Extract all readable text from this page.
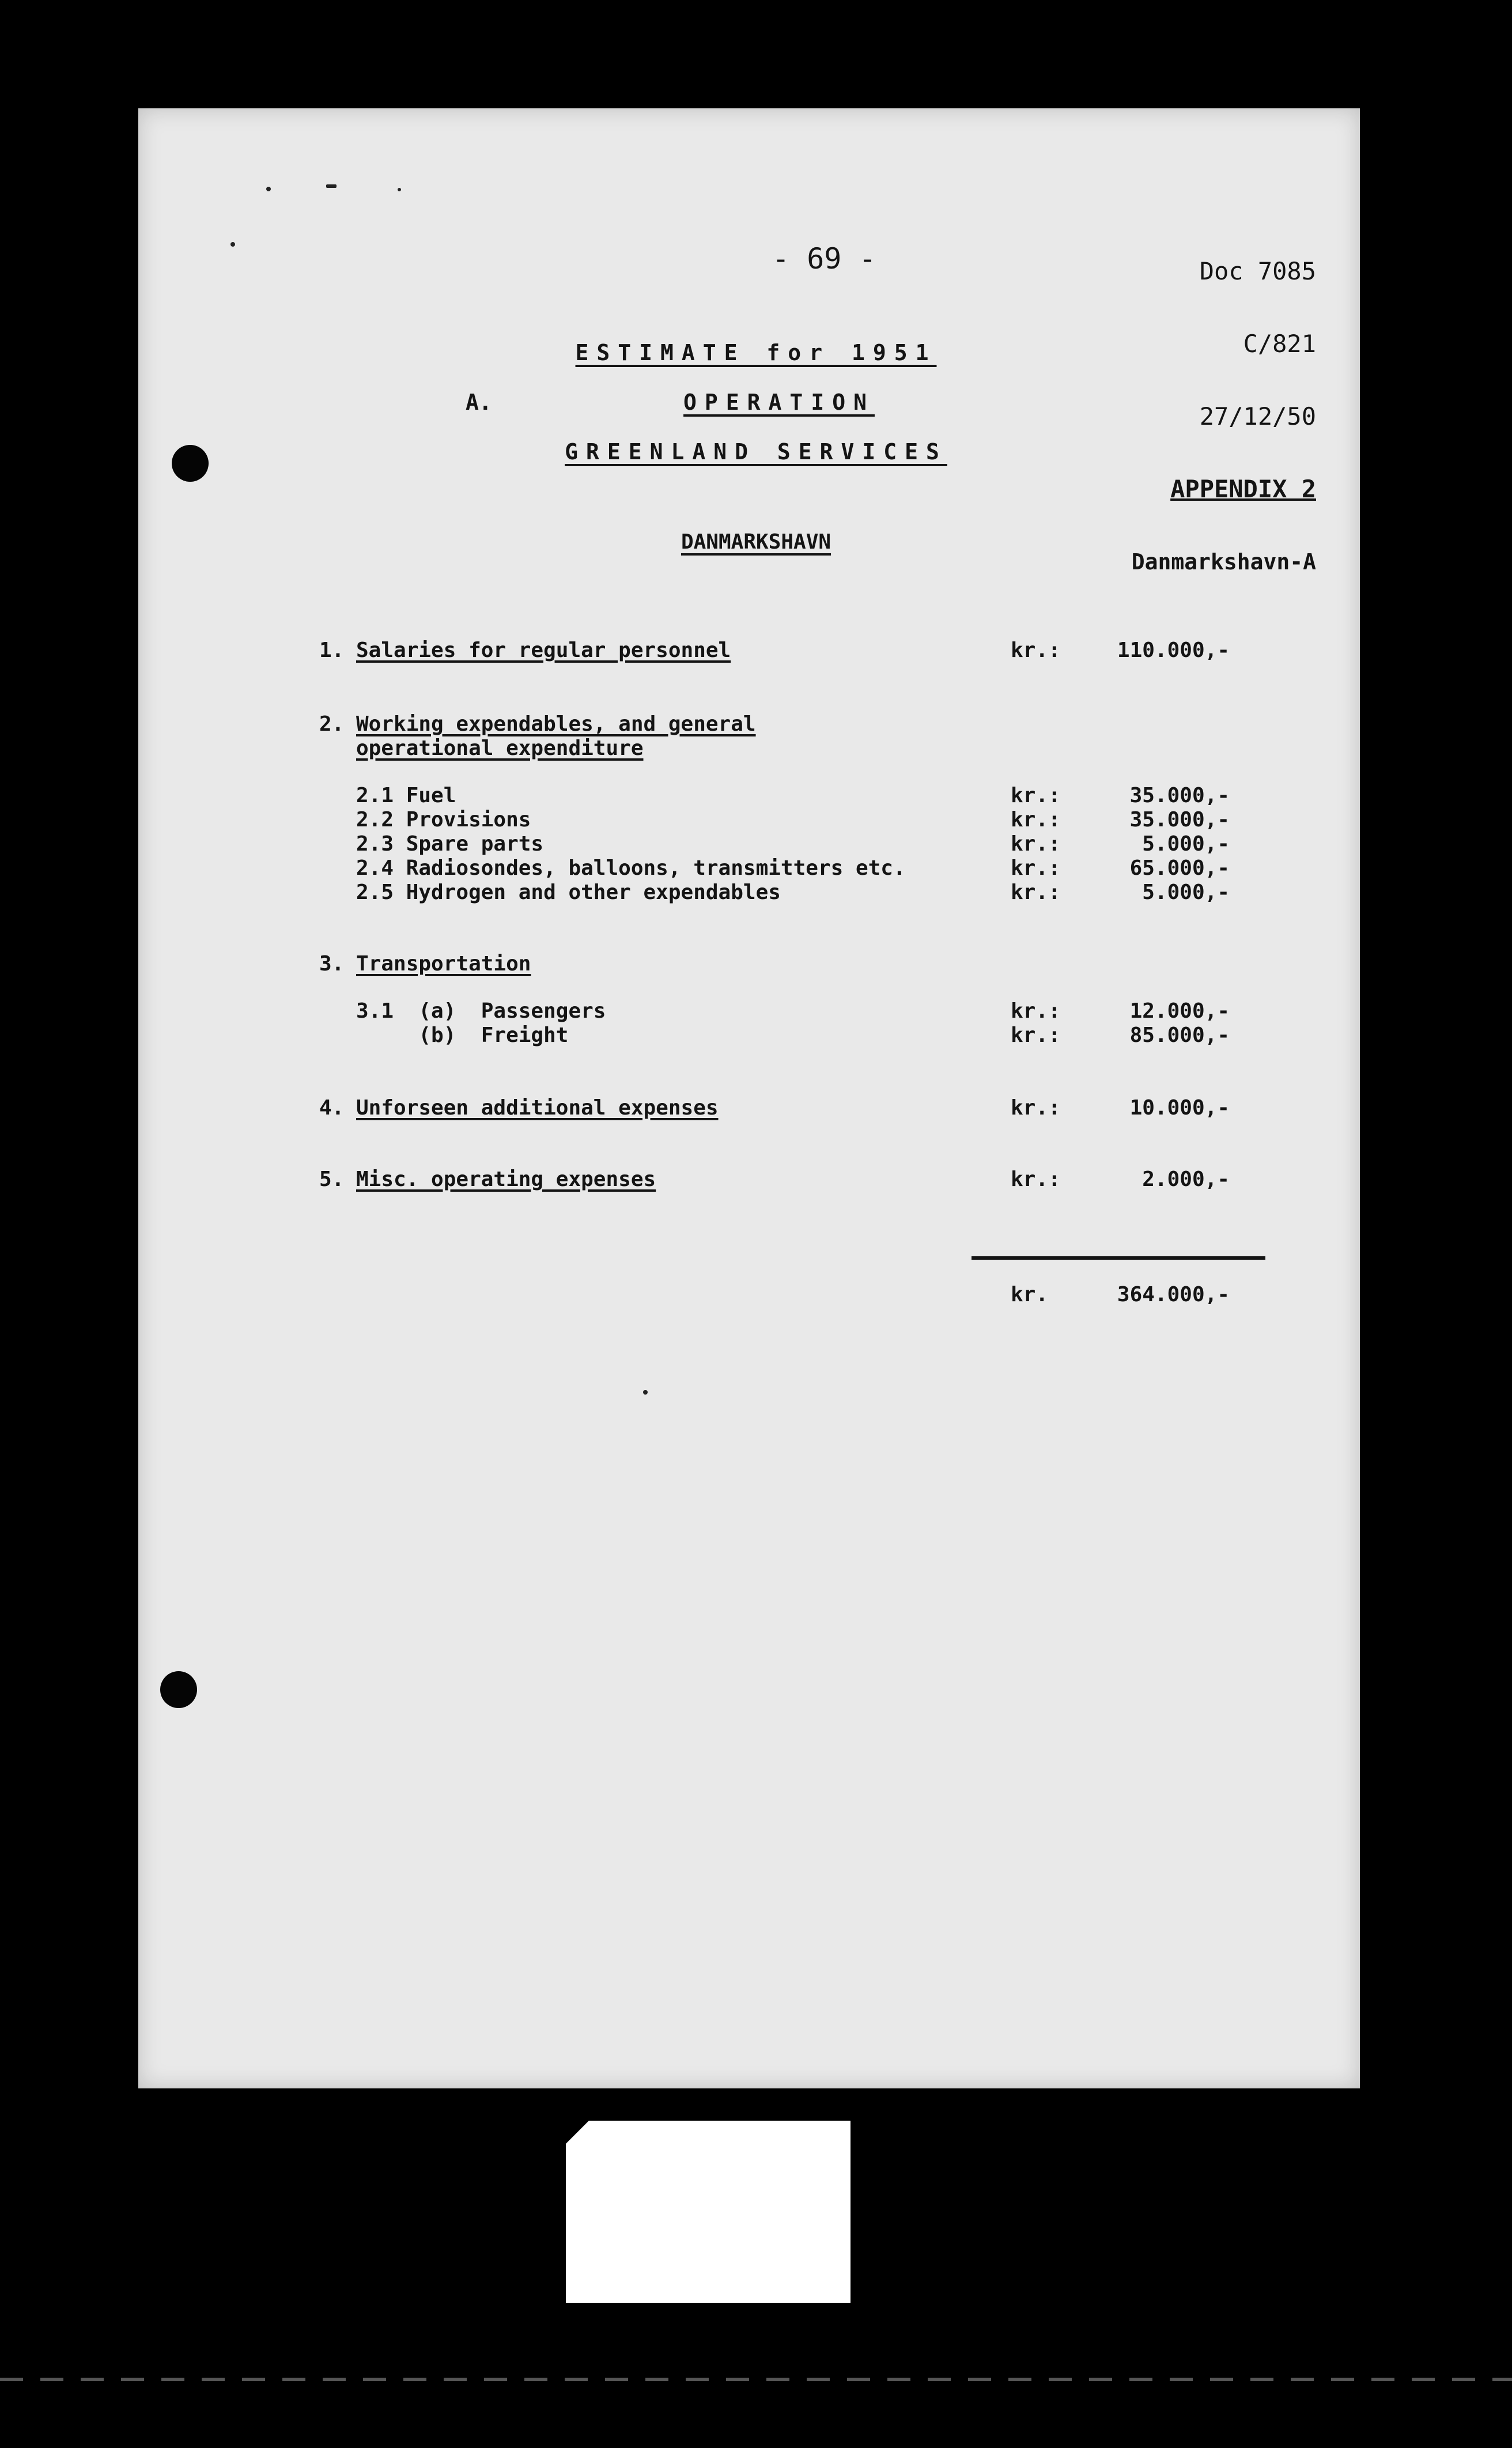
- 69 -

	Doc 7085

C/821

27/12/50

APPENDIX 2

Danmarkshavn-A

ESTIMATE for 1951
A.	OPERATION
GREENLAND SERVICES
DANMARKSHAVN
1. Salaries for regular personnel	kr.:	110.000,-
2. Working expendables, and general
operational expenditure
2.1 Fuel	kr.:	35.000,-
2.2 Provisions	kr.:	35.000,-
2.3 Spare parts	kr.:	5.000,-
2.4 Radiosondes, balloons, transmitters etc.	kr.:	65.000,-
2.5 Hydrogen and other expendables	kr.:	5.000,-
3. Transportation
3.1  (a)  Passengers	kr.:	12.000,-
(b)  Freight	kr.:	85.000,-
4. Unforseen additional expenses	kr.:	10.000,-
5. Misc. operating expenses	kr.:	2.000,-
kr.	364.000,-
